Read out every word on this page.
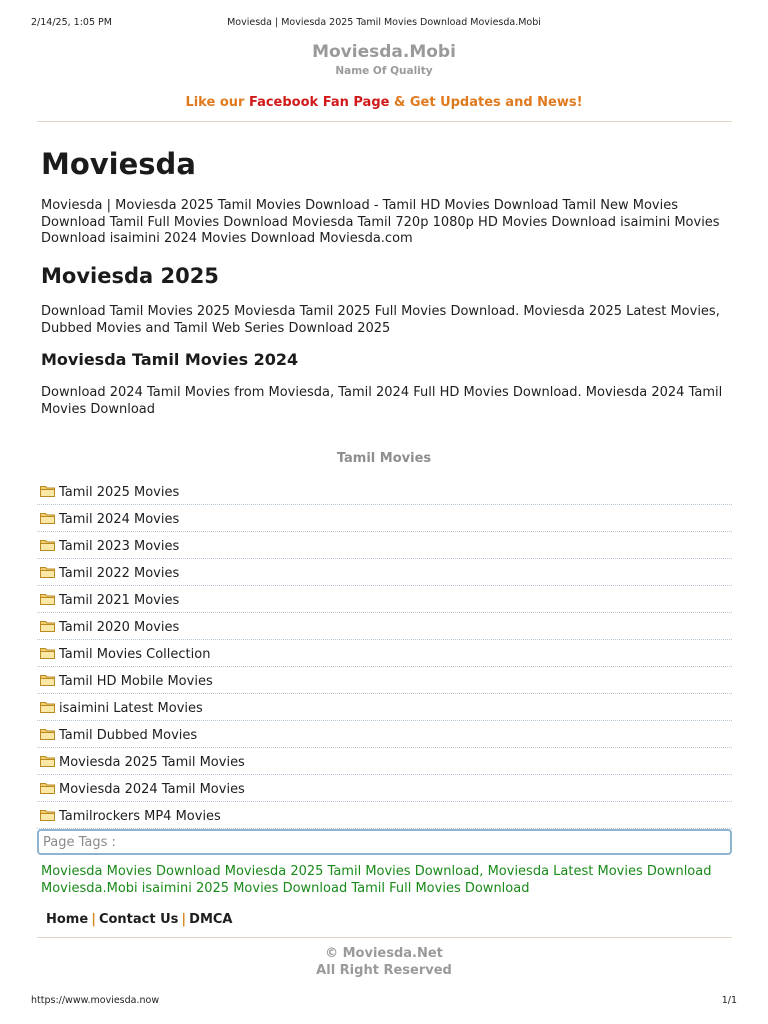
2/14/25, 1:05 PM	Moviesda | Moviesda 2025 Tamil Movies Download Moviesda.Mobi
Moviesda.Mobi
Name Of Quality
Like our Facebook Fan Page & Get Updates and News!
Moviesda

Moviesda | Moviesda 2025 Tamil Movies Download - Tamil HD Movies Download Tamil New Movies Download Tamil Full Movies Download Moviesda Tamil 720p 1080p HD Movies Download isaimini Movies Download isaimini 2024 Movies Download Moviesda.com

Moviesda 2025

Download Tamil Movies 2025 Moviesda Tamil 2025 Full Movies Download. Moviesda 2025 Latest Movies, Dubbed Movies and Tamil Web Series Download 2025

Moviesda Tamil Movies 2024

Download 2024 Tamil Movies from Moviesda, Tamil 2024 Full HD Movies Download. Moviesda 2024 Tamil Movies Download

Tamil Movies
Tamil 2025 Movies
Tamil 2024 Movies
Tamil 2023 Movies
Tamil 2022 Movies
Tamil 2021 Movies
Tamil 2020 Movies
Tamil Movies Collection
Tamil HD Mobile Movies
isaimini Latest Movies
Tamil Dubbed Movies
Moviesda 2025 Tamil Movies
Moviesda 2024 Tamil Movies
Tamilrockers MP4 Movies
Page Tags :
Moviesda Movies Download Moviesda 2025 Tamil Movies Download, Moviesda Latest Movies Download Moviesda.Mobi isaimini 2025 Movies Download Tamil Full Movies Download
Home | Contact Us | DMCA
© Moviesda.Net
All Right Reserved
https://www.moviesda.now	1/1
